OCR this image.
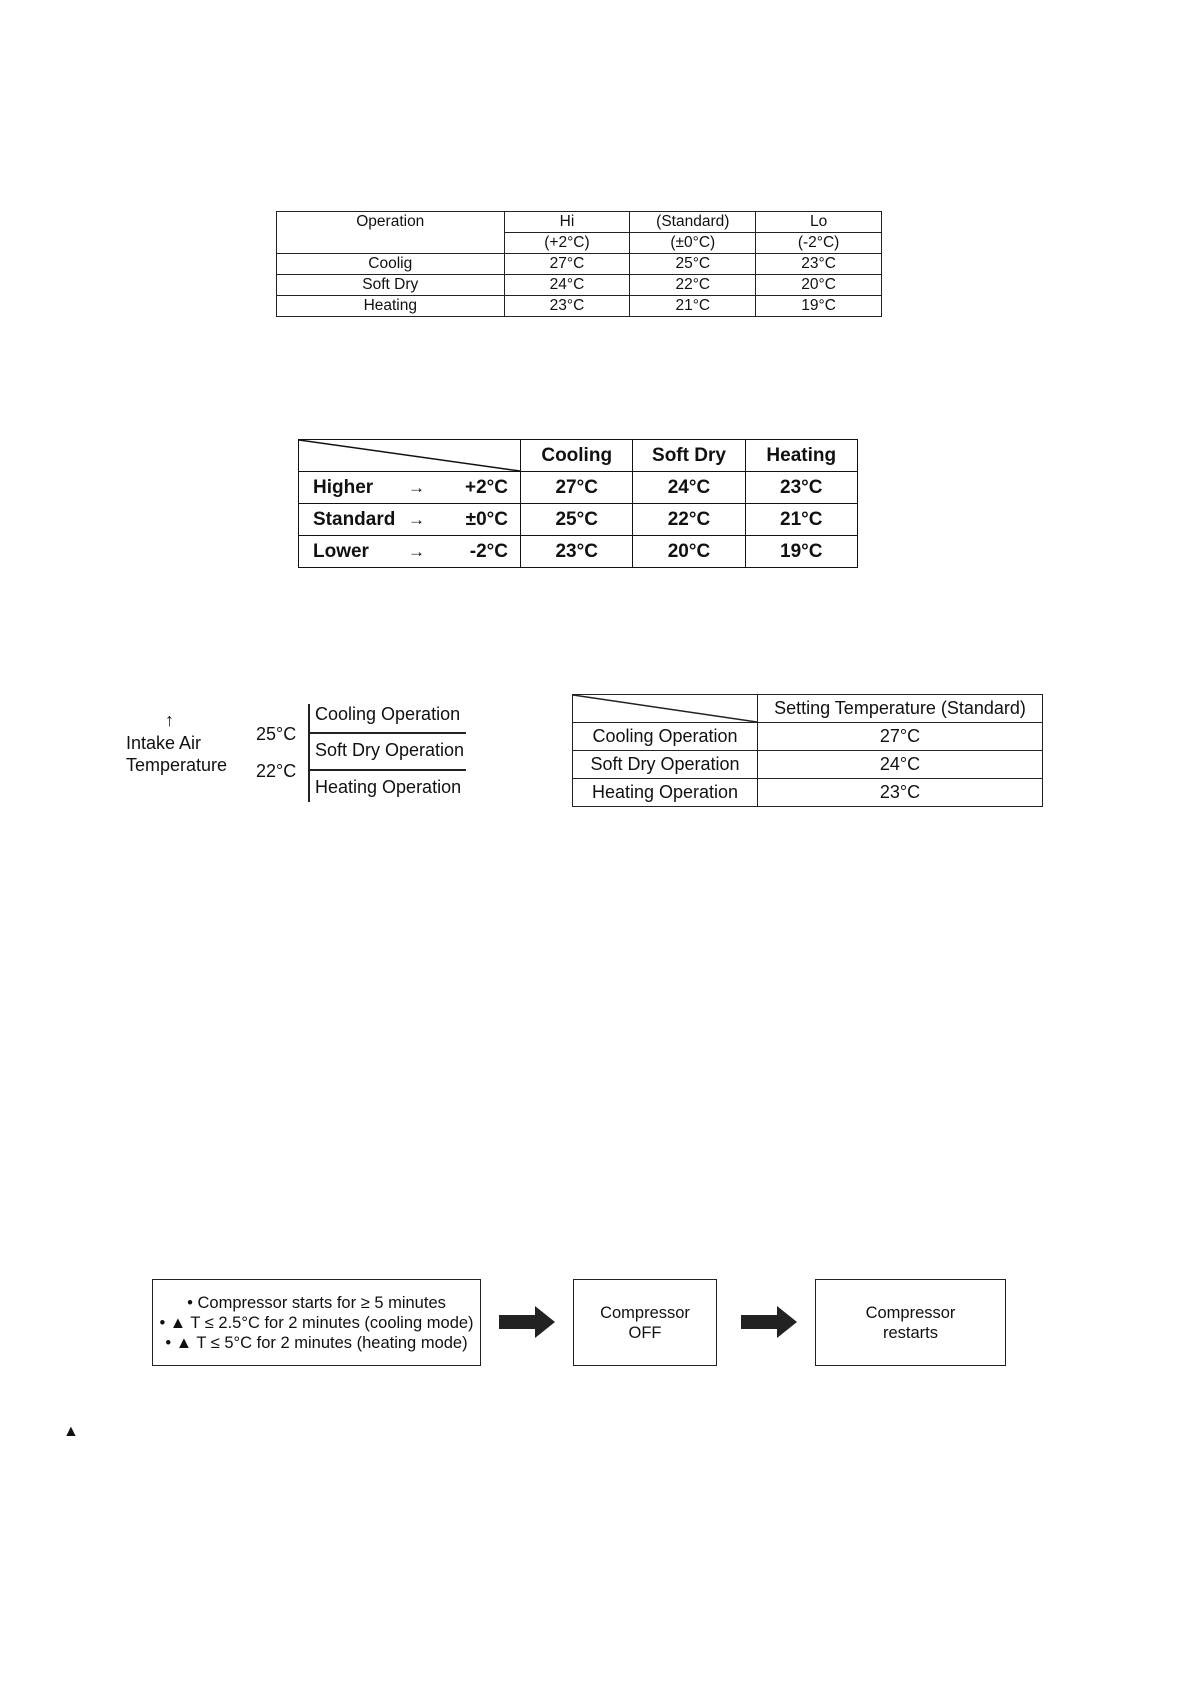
Operation	Hi	(Standard)	Lo
	(+2°C)	(±0°C)	(-2°C)
Coolig	27°C	25°C	23°C
Soft Dry	24°C	22°C	20°C
Heating	23°C	21°C	19°C
	Cooling	Soft Dry	Heating

Higher → +2°C	27°C	24°C	23°C

Standard → ±0°C	25°C	22°C	21°C

Lower → -2°C	23°C	20°C	19°C
↑
Intake Air
Temperature
25°C
22°C
Cooling Operation
Soft Dry Operation
Heating Operation
	Setting Temperature (Standard)
Cooling Operation	27°C
Soft Dry Operation	24°C
Heating Operation	23°C
• Compressor starts for ≥ 5 minutes
• ▲ T ≤ 2.5°C for 2 minutes (cooling mode)
• ▲ T ≤ 5°C for 2 minutes (heating mode)
Compressor
OFF
Compressor
restarts
▲
